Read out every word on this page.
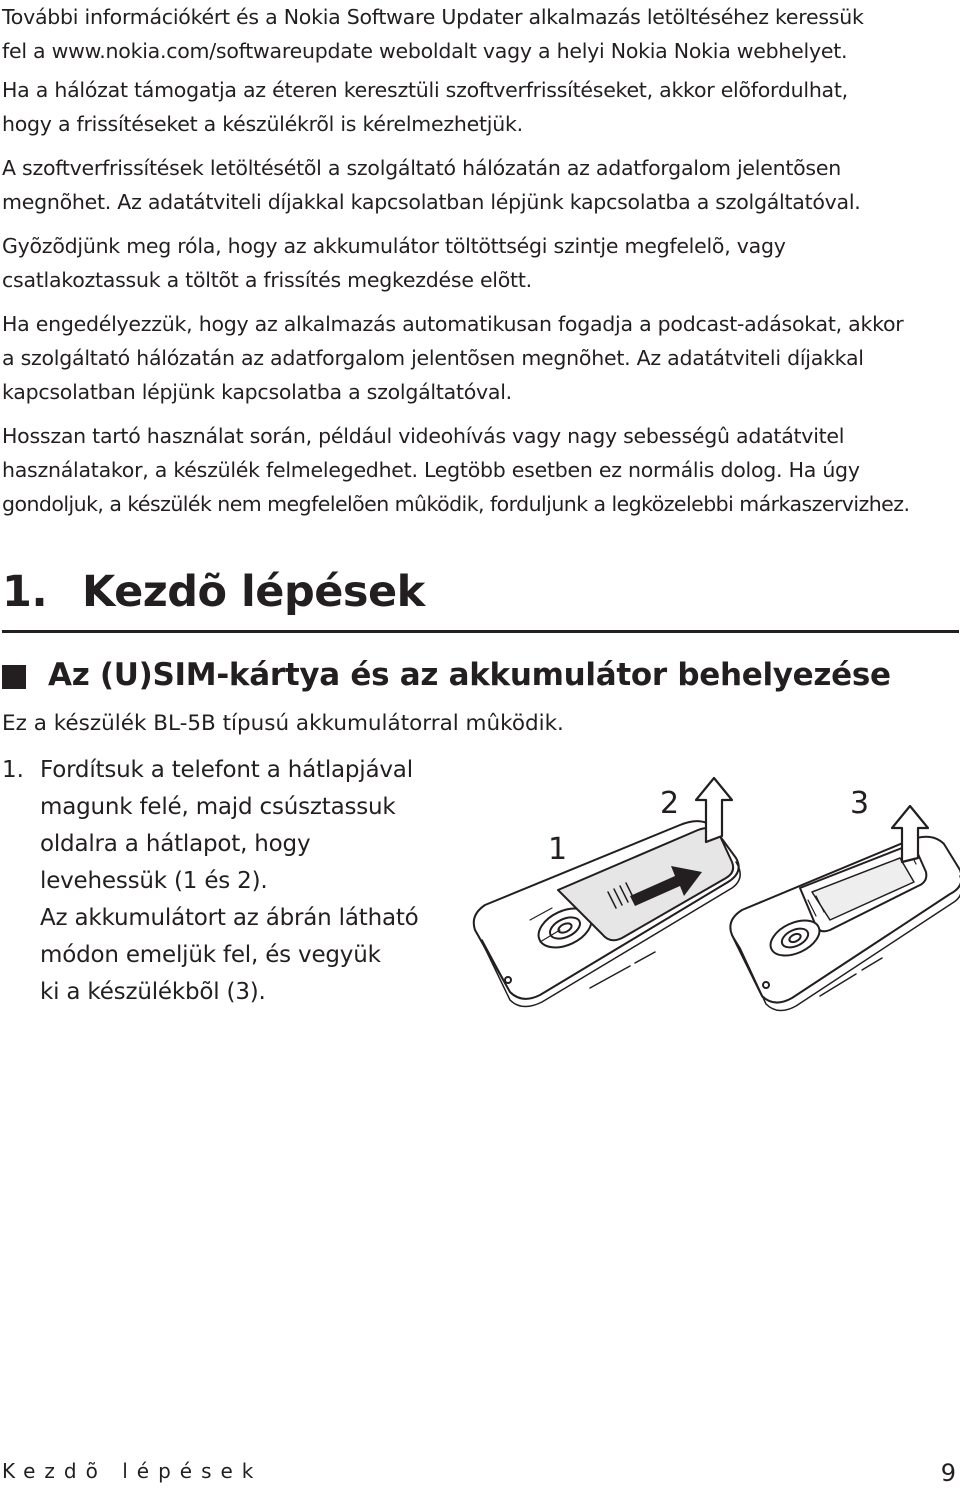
További információkért és a Nokia Software Updater alkalmazás letöltéséhez keressük
fel a www.nokia.com/softwareupdate weboldalt vagy a helyi Nokia Nokia webhelyet.

Ha a hálózat támogatja az éteren keresztüli szoftverfrissítéseket, akkor elõfordulhat,
hogy a frissítéseket a készülékrõl is kérelmezhetjük.

A szoftverfrissítések letöltésétõl a szolgáltató hálózatán az adatforgalom jelentõsen
megnõhet. Az adatátviteli díjakkal kapcsolatban lépjünk kapcsolatba a szolgáltatóval.

Gyõzõdjünk meg róla, hogy az akkumulátor töltöttségi szintje megfelelõ, vagy
csatlakoztassuk a töltõt a frissítés megkezdése elõtt.

Ha engedélyezzük, hogy az alkalmazás automatikusan fogadja a podcast-adásokat, akkor
a szolgáltató hálózatán az adatforgalom jelentõsen megnõhet. Az adatátviteli díjakkal
kapcsolatban lépjünk kapcsolatba a szolgáltatóval.

Hosszan tartó használat során, például videohívás vagy nagy sebességû adatátvitel
használatakor, a készülék felmelegedhet. Legtöbb esetben ez normális dolog. Ha úgy
gondoljuk, a készülék nem megfelelõen mûködik, forduljunk a legközelebbi márkaszervizhez.

1. Kezdõ lépések
Az (U)SIM-kártya és az akkumulátor behelyezése

Ez a készülék BL-5B típusú akkumulátorral mûködik.

1. Fordítsuk a telefont a hátlapjával
magunk felé, majd csúsztassuk
oldalra a hátlapot, hogy
levehessük (1 és 2).
Az akkumulátort az ábrán látható
módon emeljük fel, és vegyük
ki a készülékbõl (3).

1
2	3

Kezdõ lépések	9
